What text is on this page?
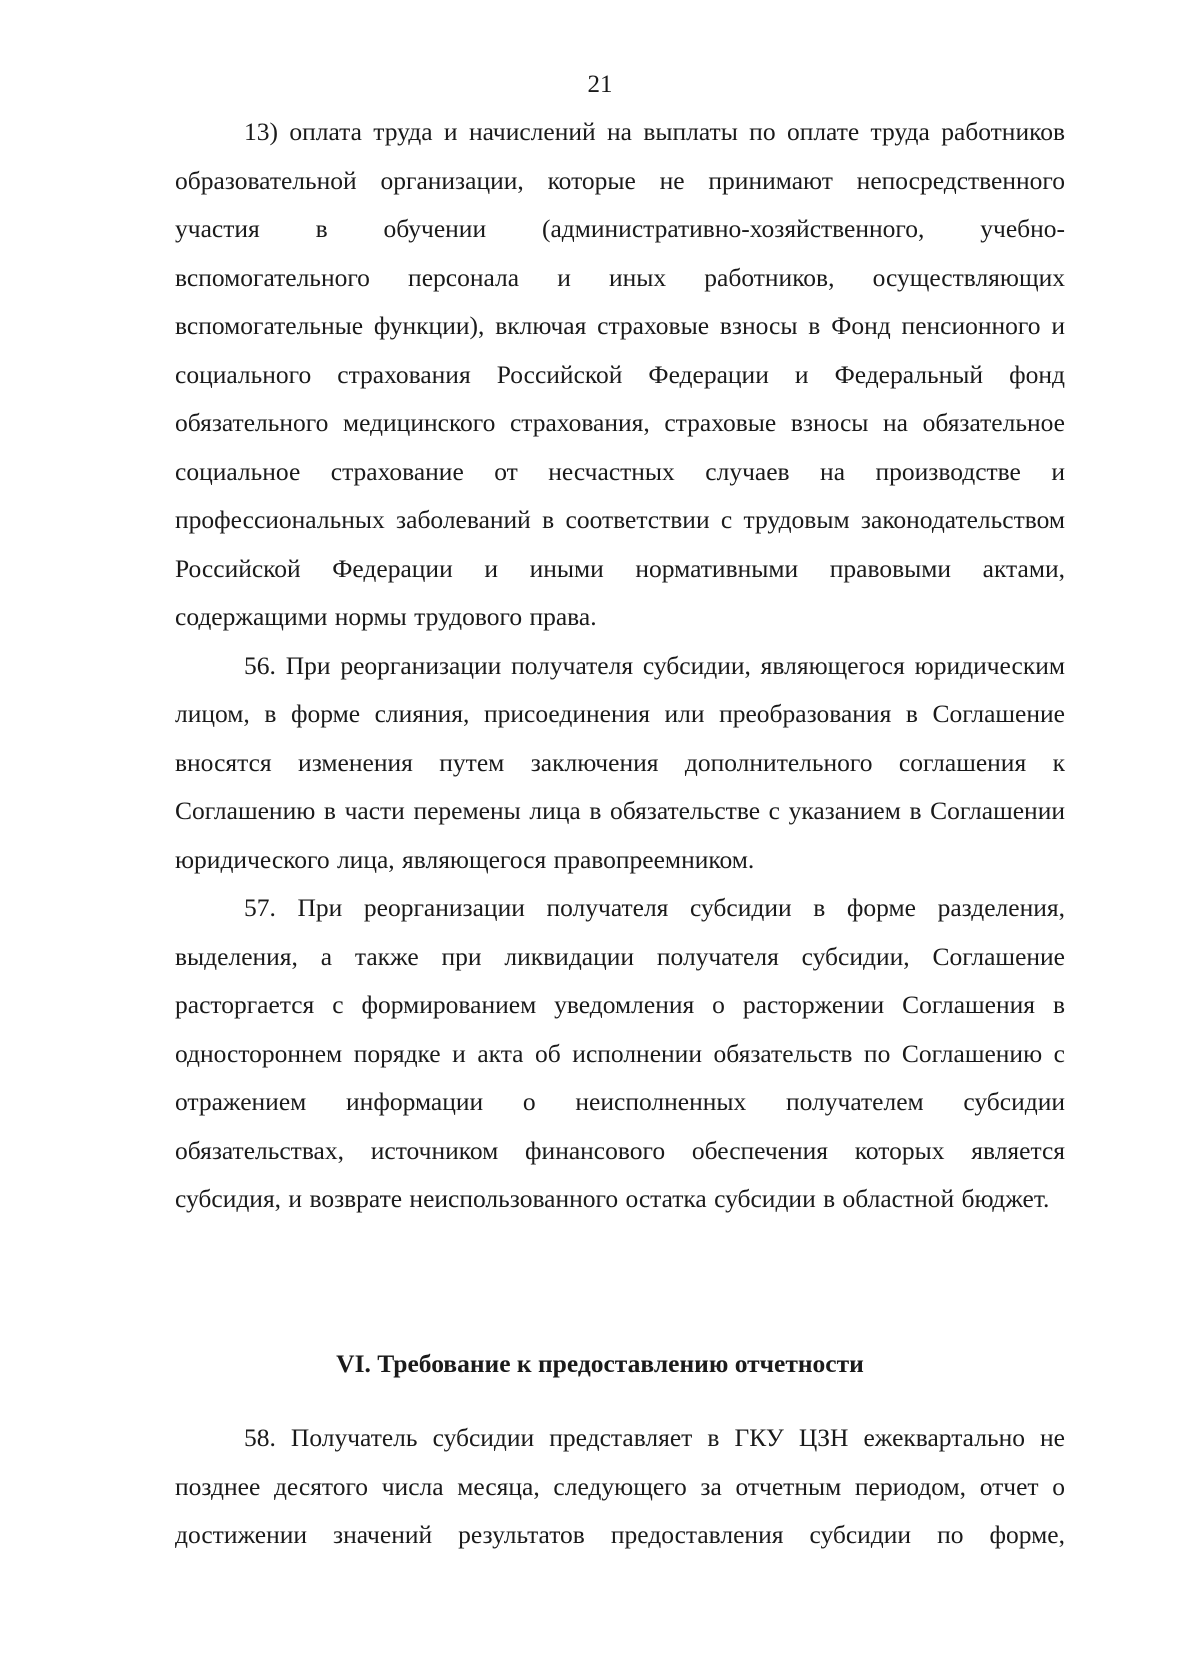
21

13) оплата труда и начислений на выплаты по оплате труда работников образовательной организации, которые не принимают непосредственного участия в обучении (административно-хозяйственного, учебно-вспомогательного персонала и иных работников, осуществляющих вспомогательные функции), включая страховые взносы в Фонд пенсионного и социального страхования Российской Федерации и Федеральный фонд обязательного медицинского страхования, страховые взносы на обязательное социальное страхование от несчастных случаев на производстве и профессиональных заболеваний в соответствии с трудовым законодательством Российской Федерации и иными нормативными правовыми актами, содержащими нормы трудового права.

56. При реорганизации получателя субсидии, являющегося юридическим лицом, в форме слияния, присоединения или преобразования в Соглашение вносятся изменения путем заключения дополнительного соглашения к Соглашению в части перемены лица в обязательстве с указанием в Соглашении юридического лица, являющегося правопреемником.

57. При реорганизации получателя субсидии в форме разделения, выделения, а также при ликвидации получателя субсидии, Соглашение расторгается с формированием уведомления о расторжении Соглашения в одностороннем порядке и акта об исполнении обязательств по Соглашению с отражением информации о неисполненных получателем субсидии обязательствах, источником финансового обеспечения которых является субсидия, и возврате неиспользованного остатка субсидии в областной бюджет.

VI. Требование к предоставлению отчетности

58. Получатель субсидии представляет в ГКУ ЦЗН ежеквартально не позднее десятого числа месяца, следующего за отчетным периодом, отчет о достижении значений результатов предоставления субсидии по форме,
